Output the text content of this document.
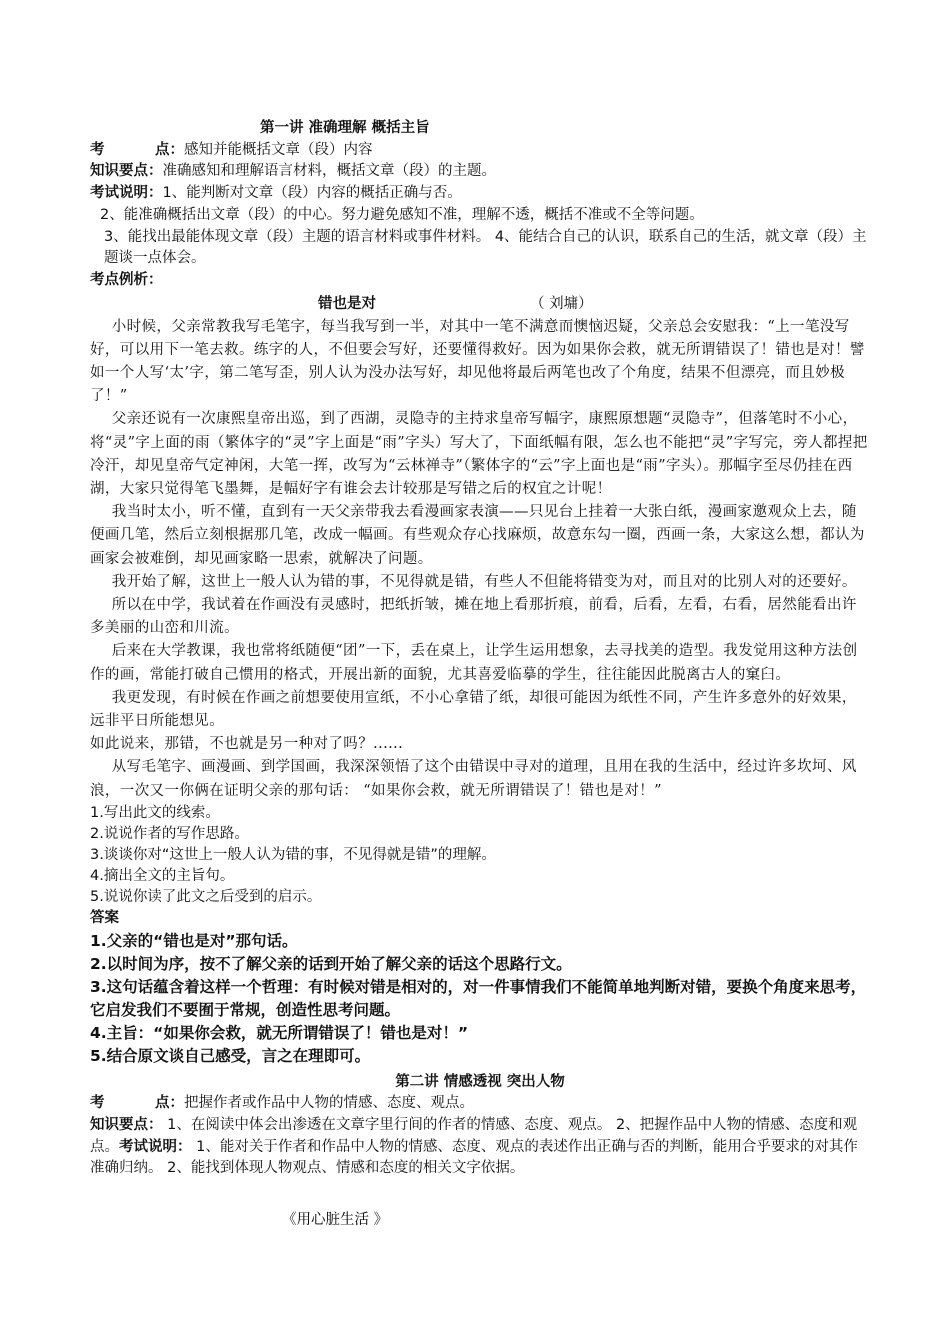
第一讲 准确理解 概括主旨

考          点：感知并能概括文章（段）内容

知识要点：准确感知和理解语言材料，概括文章（段）的主题。

考试说明：1、能判断对文章（段）内容的概括正确与否。

2、能准确概括出文章（段）的中心。努力避免感知不准，理解不透，概括不准或不全等问题。

3、能找出最能体现文章（段）主题的语言材料或事件材料。 4、能结合自己的认识，联系自己的生活，就文章（段）主题谈一点体会。

考点例析：

错也是对	（ 刘墉）

小时候，父亲常教我写毛笔字，每当我写到一半，对其中一笔不满意而懊恼迟疑，父亲总会安慰我：“上一笔没写好，可以用下一笔去救。练字的人，不但要会写好，还要懂得救好。因为如果你会救，就无所谓错误了！错也是对！譬如一个人写‘太’字，第二笔写歪，别人认为没办法写好，却见他将最后两笔也改了个角度，结果不但漂亮，而且妙极了！”

父亲还说有一次康熙皇帝出巡，到了西湖，灵隐寺的主持求皇帝写幅字，康熙原想题“灵隐寺”，但落笔时不小心，将“灵”字上面的雨（繁体字的“灵”字上面是“雨”字头）写大了，下面纸幅有限，怎么也不能把“灵”字写完，旁人都捏把冷汗，却见皇帝气定神闲，大笔一挥，改写为“云林禅寺”（繁体字的“云”字上面也是“雨”字头）。那幅字至尽仍挂在西湖，大家只觉得笔飞墨舞，是幅好字有谁会去计较那是写错之后的权宜之计呢！

我当时太小，听不懂，直到有一天父亲带我去看漫画家表演——只见台上挂着一大张白纸，漫画家邀观众上去，随便画几笔，然后立刻根据那几笔，改成一幅画。有些观众存心找麻烦，故意东勾一圈，西画一条，大家这么想，都认为画家会被难倒，却见画家略一思索，就解决了问题。

我开始了解，这世上一般人认为错的事，不见得就是错，有些人不但能将错变为对，而且对的比别人对的还要好。

所以在中学，我试着在作画没有灵感时，把纸折皱，摊在地上看那折痕，前看，后看，左看，右看，居然能看出许多美丽的山峦和川流。

后来在大学教课，我也常将纸随便“团”一下，丢在桌上，让学生运用想象，去寻找美的造型。我发觉用这种方法创作的画，常能打破自己惯用的格式，开展出新的面貌，尤其喜爱临摹的学生，往往能因此脱离古人的窠臼。

我更发现，有时候在作画之前想要使用宣纸，不小心拿错了纸，却很可能因为纸性不同，产生许多意外的好效果，远非平日所能想见。

如此说来，那错，不也就是另一种对了吗？......

从写毛笔字、画漫画、到学国画，我深深领悟了这个由错误中寻对的道理，且用在我的生活中，经过许多坎坷、风浪，一次又一你俩在证明父亲的那句话： “如果你会救，就无所谓错误了！错也是对！”

1.写出此文的线索。

2.说说作者的写作思路。

3.谈谈你对“这世上一般人认为错的事，不见得就是错”的理解。

4.摘出全文的主旨句。

5.说说你读了此文之后受到的启示。

答案

1.父亲的“错也是对”那句话。

2.以时间为序，按不了解父亲的话到开始了解父亲的话这个思路行文。

3.这句话蕴含着这样一个哲理：有时候对错是相对的，对一件事情我们不能简单地判断对错，要换个角度来思考，它启发我们不要囿于常规，创造性思考问题。

4.主旨：“如果你会救，就无所谓错误了！错也是对！”

5.结合原文谈自己感受，言之在理即可。

第二讲 情感透视 突出人物

考          点：把握作者或作品中人物的情感、态度、观点。

知识要点： 1、在阅读中体会出渗透在文章字里行间的作者的情感、态度、观点。 2、把握作品中人物的情感、态度和观点。考试说明： 1、能对关于作者和作品中人物的情感、态度、观点的表述作出正确与否的判断，能用合乎要求的对其作准确归纳。 2、能找到体现人物观点、情感和态度的相关文字依据。

《用心脏生活 》
